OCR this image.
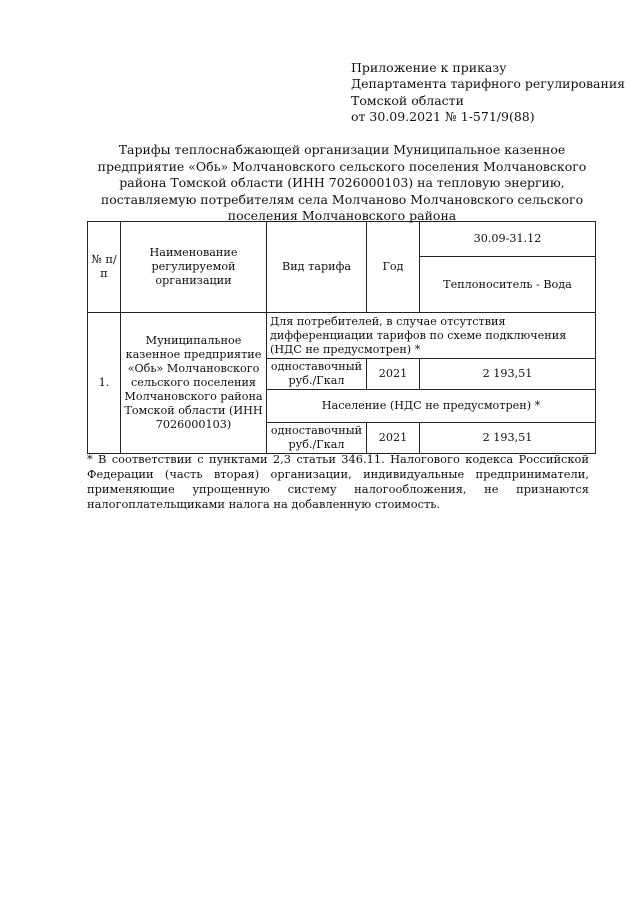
Приложение к приказу
Департамента тарифного регулирования
Томской области
от 30.09.2021 № 1-571/9(88)
Тарифы теплоснабжающей организации Муниципальное казенное предприятие «Обь» Молчановского сельского поселения Молчановского района Томской области (ИНН 7026000103) на тепловую энергию, поставляемую потребителям села Молчаново Молчановского сельского поселения Молчановского района
№ п/п	Наименование регулируемой организации	Вид тарифа	Год	30.09-31.12
				Теплоноситель - Вода
1.	Муниципальное казенное предприятие «Обь» Молчановского сельского поселения Молчановского района Томской области (ИНН 7026000103)	Для потребителей, в случае отсутствия дифференциации тарифов по схеме подключения (НДС не предусмотрен) *		
		одноставочный руб./Гкал	2021	2 193,51
		Население (НДС не предусмотрен) *		
		одноставочный руб./Гкал	2021	2 193,51
* В соответствии с пунктами 2,3 статьи 346.11. Налогового кодекса Российской Федерации (часть вторая) организации, индивидуальные предприниматели, применяющие упрощенную систему налогообложения, не признаются налогоплательщиками налога на добавленную стоимость.
